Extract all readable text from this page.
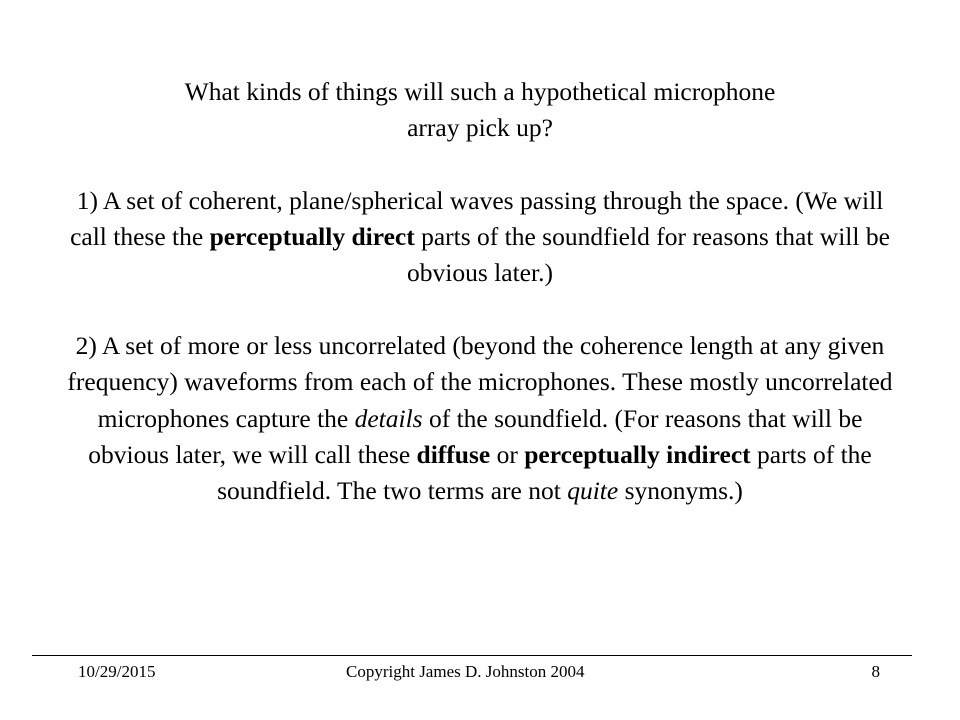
What kinds of things will such a hypothetical microphone
array pick up?

1) A set of coherent, plane/spherical waves passing through the space. (We will call these the perceptually direct parts of the soundfield for reasons that will be obvious later.)

2) A set of more or less uncorrelated (beyond the coherence length at any given frequency) waveforms from each of the microphones. These mostly uncorrelated microphones capture the details of the soundfield. (For reasons that will be obvious later, we will call these diffuse or perceptually indirect parts of the soundfield. The two terms are not quite synonyms.)

10/29/2015	Copyright James D. Johnston 2004	8
